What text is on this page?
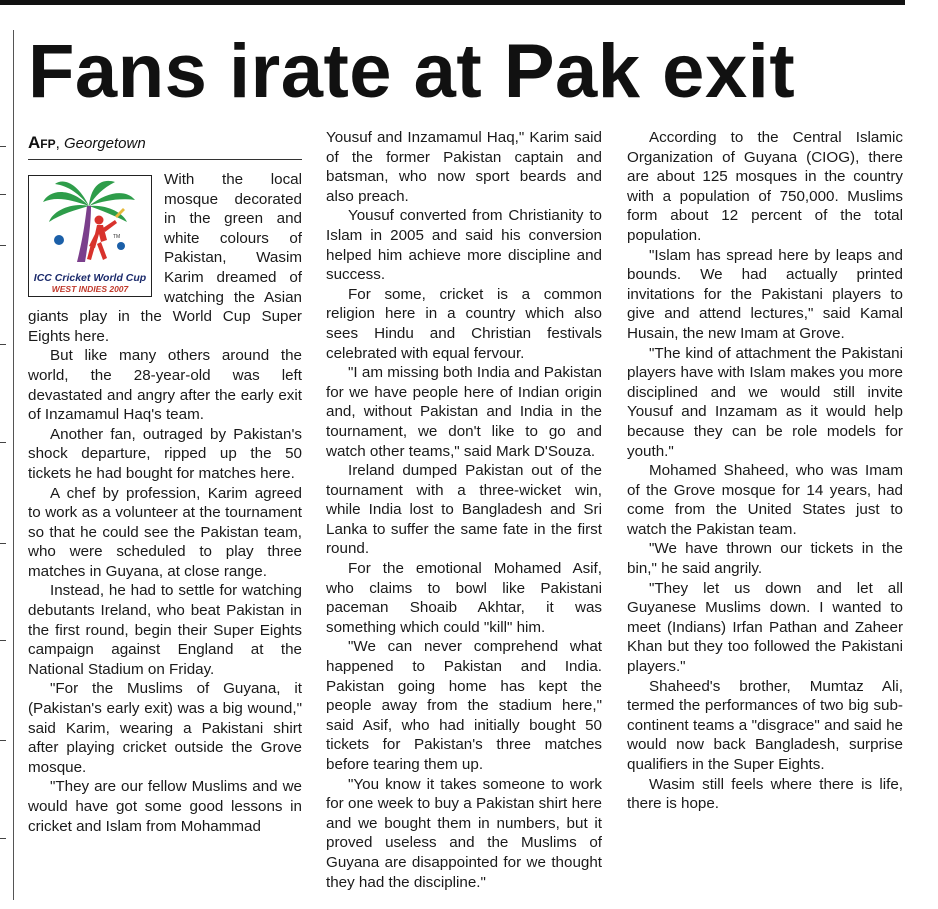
Fans irate at Pak exit
Afp, Georgetown
TM
ICC Cricket World Cup
WEST INDIES 2007

With the local mosque decorated in the green and white colours of Pakistan, Wasim Karim dreamed of watching the Asian giants play in the World Cup Super Eights here.

But like many others around the world, the 28-year-old was left devastated and angry after the early exit of Inzamamul Haq's team.

Another fan, outraged by Pakistan's shock departure, ripped up the 50 tickets he had bought for matches here.

A chef by profession, Karim agreed to work as a volunteer at the tournament so that he could see the Pakistan team, who were scheduled to play three matches in Guyana, at close range.

Instead, he had to settle for watching debutants Ireland, who beat Pakistan in the first round, begin their Super Eights campaign against England at the National Stadium on Friday.

"For the Muslims of Guyana, it (Pakistan's early exit) was a big wound," said Karim, wearing a Pakistani shirt after playing cricket outside the Grove mosque.

"They are our fellow Muslims and we would have got some good lessons in cricket and Islam from Mohammad

Yousuf and Inzamamul Haq," Karim said of the former Pakistan captain and batsman, who now sport beards and also preach.

Yousuf converted from Christianity to Islam in 2005 and said his conversion helped him achieve more discipline and success.

For some, cricket is a common religion here in a country which also sees Hindu and Christian festivals celebrated with equal fervour.

"I am missing both India and Pakistan for we have people here of Indian origin and, without Pakistan and India in the tournament, we don't like to go and watch other teams," said Mark D'Souza.

Ireland dumped Pakistan out of the tournament with a three-wicket win, while India lost to Bangladesh and Sri Lanka to suffer the same fate in the first round.

For the emotional Mohamed Asif, who claims to bowl like Pakistani paceman Shoaib Akhtar, it was something which could "kill" him.

"We can never comprehend what happened to Pakistan and India. Pakistan going home has kept the people away from the stadium here," said Asif, who had initially bought 50 tickets for Pakistan's three matches before tearing them up.

"You know it takes someone to work for one week to buy a Pakistan shirt here and we bought them in numbers, but it proved useless and the Muslims of Guyana are disappointed for we thought they had the discipline."

According to the Central Islamic Organization of Guyana (CIOG), there are about 125 mosques in the country with a population of 750,000. Muslims form about 12 percent of the total population.

"Islam has spread here by leaps and bounds. We had actually printed invitations for the Pakistani players to give and attend lectures," said Kamal Husain, the new Imam at Grove.

"The kind of attachment the Pakistani players have with Islam makes you more disciplined and we would still invite Yousuf and Inzamam as it would help because they can be role models for youth."

Mohamed Shaheed, who was Imam of the Grove mosque for 14 years, had come from the United States just to watch the Pakistan team.

"We have thrown our tickets in the bin," he said angrily.

"They let us down and let all Guyanese Muslims down. I wanted to meet (Indians) Irfan Pathan and Zaheer Khan but they too followed the Pakistani players."

Shaheed's brother, Mumtaz Ali, termed the performances of two big sub-continent teams a "disgrace" and said he would now back Bangladesh, surprise qualifiers in the Super Eights.

Wasim still feels where there is life, there is hope.
